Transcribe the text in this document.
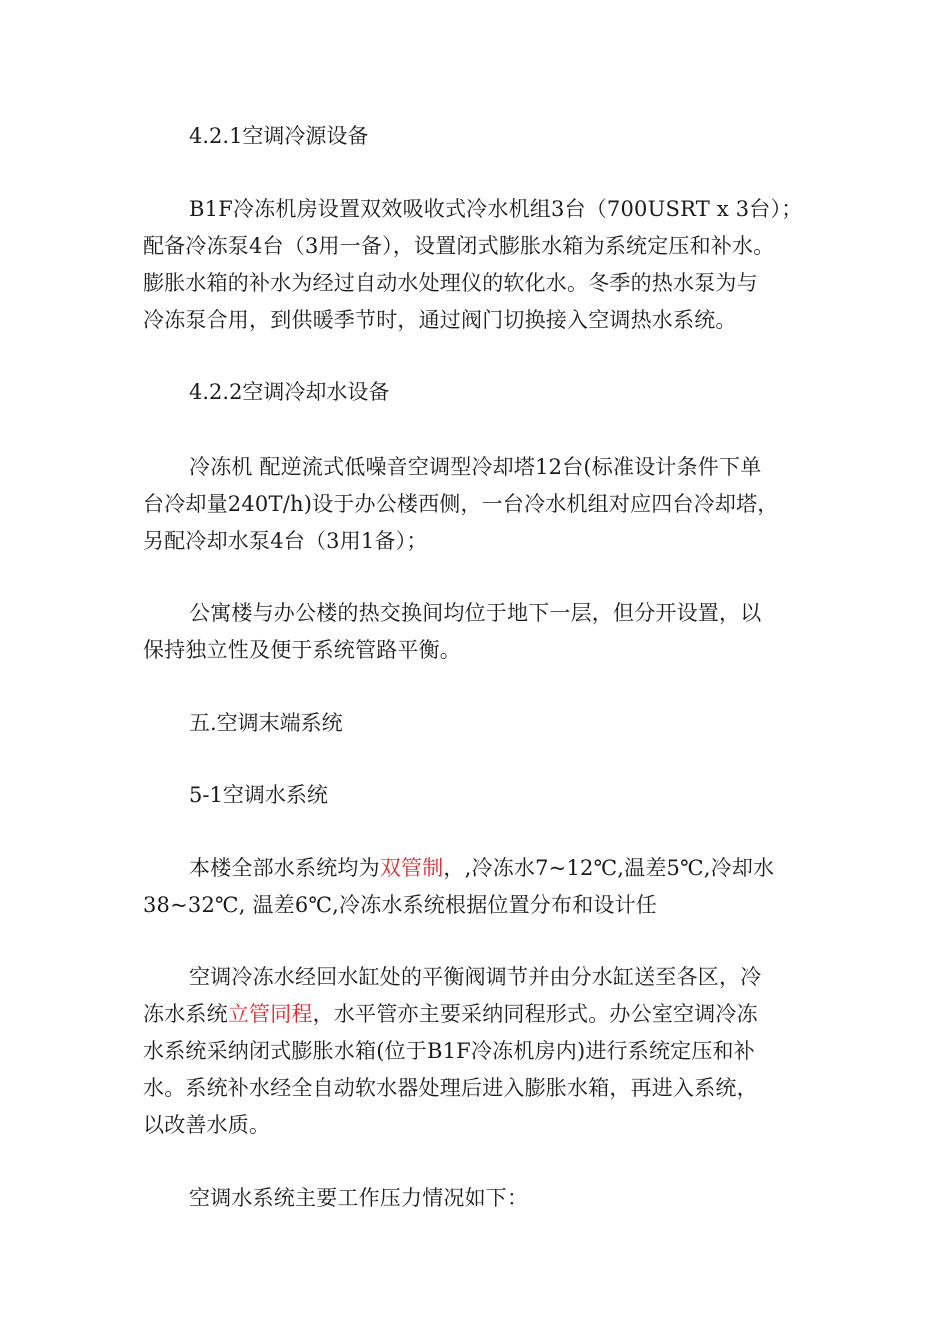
4.2.1空调冷源设备

B1F冷冻机房设置双效吸收式冷水机组3台（700USRT x 3台）；
配备冷冻泵4台（3用一备），设置闭式膨胀水箱为系统定压和补水。
膨胀水箱的补水为经过自动水处理仪的软化水。冬季的热水泵为与
冷冻泵合用，到供暖季节时，通过阀门切换接入空调热水系统。

4.2.2空调冷却水设备

冷冻机 配逆流式低噪音空调型冷却塔12台(标准设计条件下单
台冷却量240T/h)设于办公楼西侧，一台冷水机组对应四台冷却塔，
另配冷却水泵4台（3用1备）；
公寓楼与办公楼的热交换间均位于地下一层，但分开设置，以
保持独立性及便于系统管路平衡。

五.空调末端系统

5-1空调水系统

本楼全部水系统均为双管制，,冷冻水7~12℃,温差5℃,冷却水
38~32℃, 温差6℃,冷冻水系统根据位置分布和设计任
空调冷冻水经回水缸处的平衡阀调节并由分水缸送至各区，冷
冻水系统立管同程，水平管亦主要采纳同程形式。办公室空调冷冻
水系统采纳闭式膨胀水箱(位于B1F冷冻机房内)进行系统定压和补
水。系统补水经全自动软水器处理后进入膨胀水箱，再进入系统，
以改善水质。
空调水系统主要工作压力情况如下：
